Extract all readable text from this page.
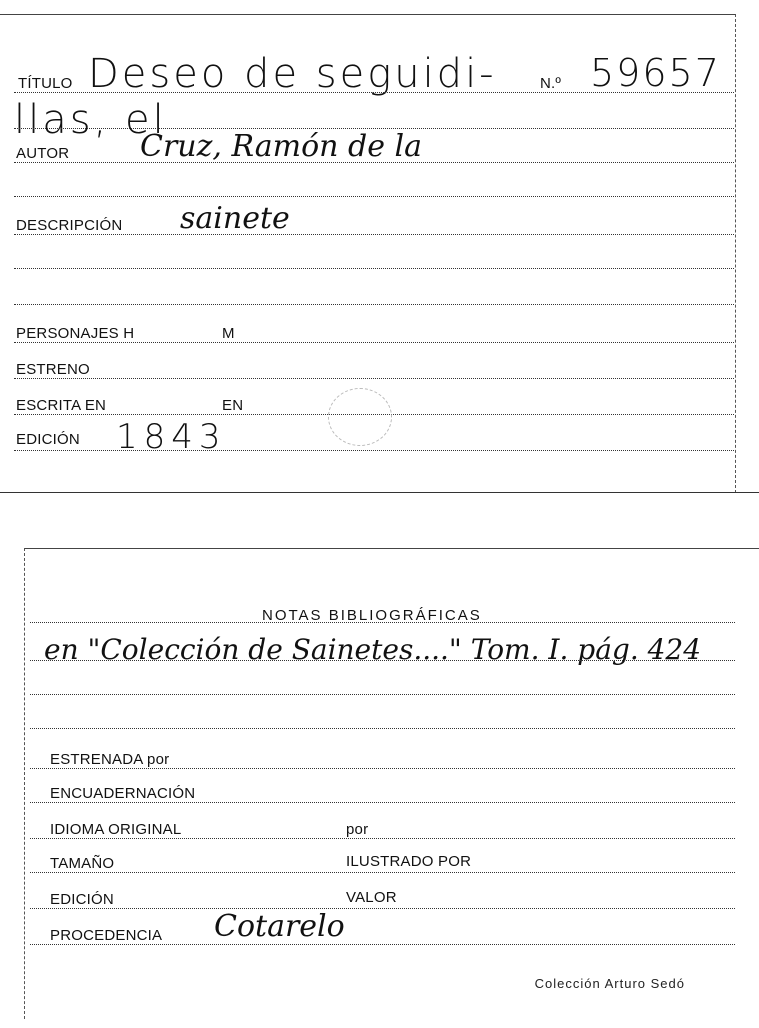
TÍTULO Deseo de seguidi-	N.º 59657
llas, el
AUTOR Cruz, Ramón de la
DESCRIPCIÓN sainete
PERSONAJES H	M
ESTRENO
ESCRITA EN	EN
EDICIÓN 1843
NOTAS BIBLIOGRÁFICAS
en "Colección de Sainetes...." Tom. I. pág. 424
ESTRENADA por
ENCUADERNACIÓN
IDIOMA ORIGINAL	por
TAMAÑO	ILUSTRADO POR
EDICIÓN	VALOR
PROCEDENCIA Cotarelo
Colección Arturo Sedó
